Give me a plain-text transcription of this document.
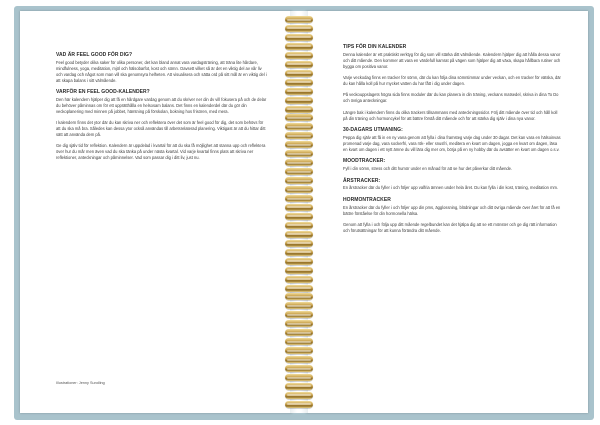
VAD ÄR FEEL GOOD FÖR DIG?
Feel good betyder olika saker för olika personer, det kan bland annat vara vardagsträning, att träna lite hårdare, mindfulness, yoga, meditation, mjöl och hälsobarfot, kost och sömn. Oavsett vilket så är det en viktig del av vår liv och vardag och något som man vill ska genomsyra helheten. Att visualisera och sätta ord på sitt mål är en viktig del i att skapa balans i sitt välmående.
VARFÖR EN FEEL GOOD-KALENDER?
Den här kalendern hjälper dig att få en hårdgare vardag genom att du skriver ner din dv vill fokusera på och de delar du behöver påminnas om för ett upprätthålla en helsosam balans. Det finns en kalenderdel där du gör din veckoplanering med minnen på jobbet, hämtning på förskolan, bokning hos frisören, med mera.
I kalendern finns det ytor där du kan skriva ner och reflektera över det som är feel good för dig, det som behövs för att du ska må bra. Således kan dessa ytor också användas till arbetsrelaterad planering. Viktigast är att du hittar ditt sätt att använda dem på.
Ge dig själv tid för reflektion. Kalendern är uppdelad i kvartal för att du ska få möjlighet att stanna upp och reflektera över hur du mår men även vad du ska tänka på under nästa kvartal. Vid varje kvartal finns plats att skriva ner reflektioner, anteckningar och påminnelser. Vad som passar dig i ditt liv, just nu.
Illustrationer: Jenny Sundling
TIPS FÖR DIN KALENDER
Denna kalender är ett praktiskt verktyg för dig som vill stärka ditt välmående. Kalendern hjälper dig att hålla dessa vanor och ditt mående. Den kommer att vara en värdefull kamrat på vägen som hjälper dig att växa, skapa hållbara rutiner och bygga om positiva vanor.
Varje veckodag finns en tracker för sömn, där du kan följa dina sömntimmar under veckan, och en tracker för vätska, där du kan hålla koll på hur mycket vatten du har fått i dig under dagen.
På veckouppslagets högra sida finns moduler där du kan planera in din träning, veckans matsedel, skriva in dina To Do och övriga anteckningar.
Längre bak i kalendern finns du olika trackers tillsammans med anteckningssidor. Följ ditt mående över tid och håll koll på din träning och hormoncykel för att bättre förstå ditt mående och för att stärka dig själv i dina nya vanor.
30-DAGARS UTMANING:
Peppa dig själv att få in en ny vana genom att fylla i dina framsteg varje dag under 30 dagar. Det kan vara en hälsoinvas promenad varje dag, vara sockerfri, vara rök- eller snusfri, meditera en kvart om dagen, jogga en kvart om dagen, läsa en kvart om dagen i ett nytt ämne du vill lära dig mer om, börja på en ny hobby där du avsätter en kvart om dagen o.s.v.
MOODTRACKER:
Fyll i din sömn, stress och ditt humör under en månad för att se hur det påverkar ditt mående.
ÅRSTRACKER:
En årstracker där du fyller i och följer upp valfria ämnen under hela året. Du kan fylla i din kost, träning, meditation mm.
HORMONTRACKER
En årstracker där du fyller i och följer upp din pms, ägglossning, blödningar och ditt övriga mående över året för att få en bättre förståelse för din hormonella hälsa.
Genom att fylla i och följa upp ditt mående regelbundet kan det hjälpa dig att se ett mönster och ge dig rätt information och förutsättningar för att kunna förändra ditt mående.
